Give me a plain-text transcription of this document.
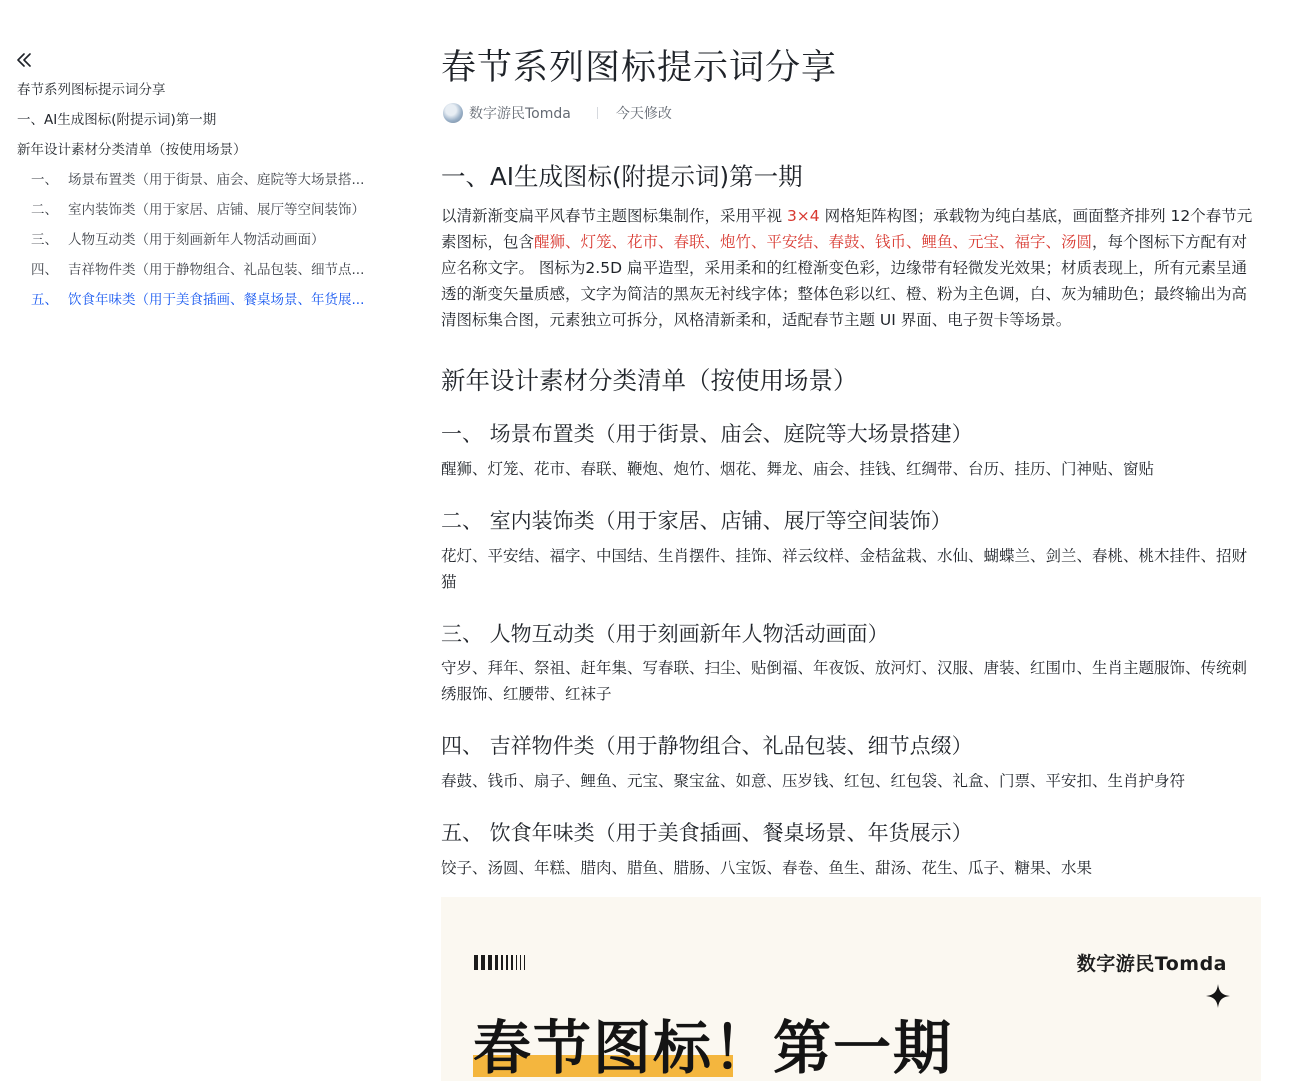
春节系列图标提示词分享
一、AI生成图标(附提示词)第一期
新年设计素材分类清单（按使用场景）
一、 场景布置类（用于街景、庙会、庭院等大场景搭...
二、 室内装饰类（用于家居、店铺、展厅等空间装饰）
三、 人物互动类（用于刻画新年人物活动画面）
四、 吉祥物件类（用于静物组合、礼品包装、细节点...
五、 饮食年味类（用于美食插画、餐桌场景、年货展...
春节系列图标提示词分享
数字游民Tomda	今天修改
一、AI生成图标(附提示词)第一期

以清新渐变扁平风春节主题图标集制作，采用平视 3×4 网格矩阵构图；承载物为纯白基底，画面整齐排列 12个春节元素图标，包含醒狮、灯笼、花市、春联、炮竹、平安结、春鼓、钱币、鲤鱼、元宝、福字、汤圆，每个图标下方配有对应名称文字。 图标为2.5D 扁平造型，采用柔和的红橙渐变色彩，边缘带有轻微发光效果；材质表现上，所有元素呈通透的渐变矢量质感，文字为简洁的黑灰无衬线字体；整体色彩以红、橙、粉为主色调，白、灰为辅助色；最终输出为高清图标集合图，元素独立可拆分，风格清新柔和，适配春节主题 UI 界面、电子贺卡等场景。

新年设计素材分类清单（按使用场景）
一、 场景布置类（用于街景、庙会、庭院等大场景搭建）

醒狮、灯笼、花市、春联、鞭炮、炮竹、烟花、舞龙、庙会、挂钱、红绸带、台历、挂历、门神贴、窗贴

二、 室内装饰类（用于家居、店铺、展厅等空间装饰）

花灯、平安结、福字、中国结、生肖摆件、挂饰、祥云纹样、金桔盆栽、水仙、蝴蝶兰、剑兰、春桃、桃木挂件、招财猫

三、 人物互动类（用于刻画新年人物活动画面）

守岁、拜年、祭祖、赶年集、写春联、扫尘、贴倒福、年夜饭、放河灯、汉服、唐装、红围巾、生肖主题服饰、传统刺绣服饰、红腰带、红袜子

四、 吉祥物件类（用于静物组合、礼品包装、细节点缀）

春鼓、钱币、扇子、鲤鱼、元宝、聚宝盆、如意、压岁钱、红包、红包袋、礼盒、门票、平安扣、生肖护身符

五、 饮食年味类（用于美食插画、餐桌场景、年货展示）

饺子、汤圆、年糕、腊肉、腊鱼、腊肠、八宝饭、春卷、鱼生、甜汤、花生、瓜子、糖果、水果

数字游民Tomda
春节图标！第一期
